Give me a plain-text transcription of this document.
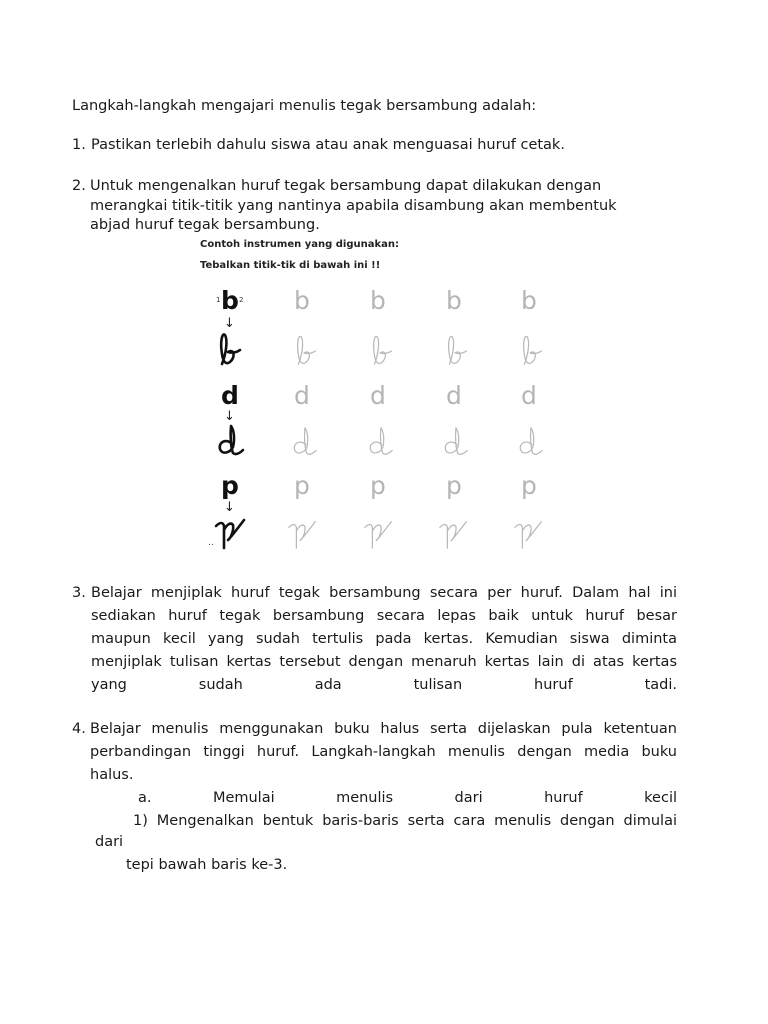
Langkah-langkah mengajari menulis tegak bersambung adalah:
1. Pastikan terlebih dahulu siswa atau anak menguasai huruf cetak.
2. Untuk mengenalkan huruf tegak bersambung dapat dilakukan dengan
merangkai titik-titik yang nantinya apabila disambung akan membentuk
abjad huruf tegak bersambung.
Contoh instrumen yang digunakan:
Tebalkan titik-tik di bawah ini !!
1 b 2 b b b b
↓
d d d d d
↓
p p p p p
↓
..
3. Belajar menjiplak huruf tegak bersambung secara per huruf. Dalam hal ini
sediakan huruf tegak bersambung secara lepas baik untuk huruf besar
maupun kecil yang sudah tertulis pada kertas. Kemudian siswa diminta
menjiplak tulisan kertas tersebut dengan menaruh kertas lain di atas kertas
yang sudah ada tulisan huruf tadi.
4. Belajar menulis menggunakan buku halus serta dijelaskan pula ketentuan
perbandingan tinggi huruf. Langkah-langkah menulis dengan media buku
halus.
a. Memulai menulis dari huruf kecil
1) Mengenalkan bentuk baris-baris serta cara menulis dengan dimulai
dari
tepi bawah baris ke-3.
